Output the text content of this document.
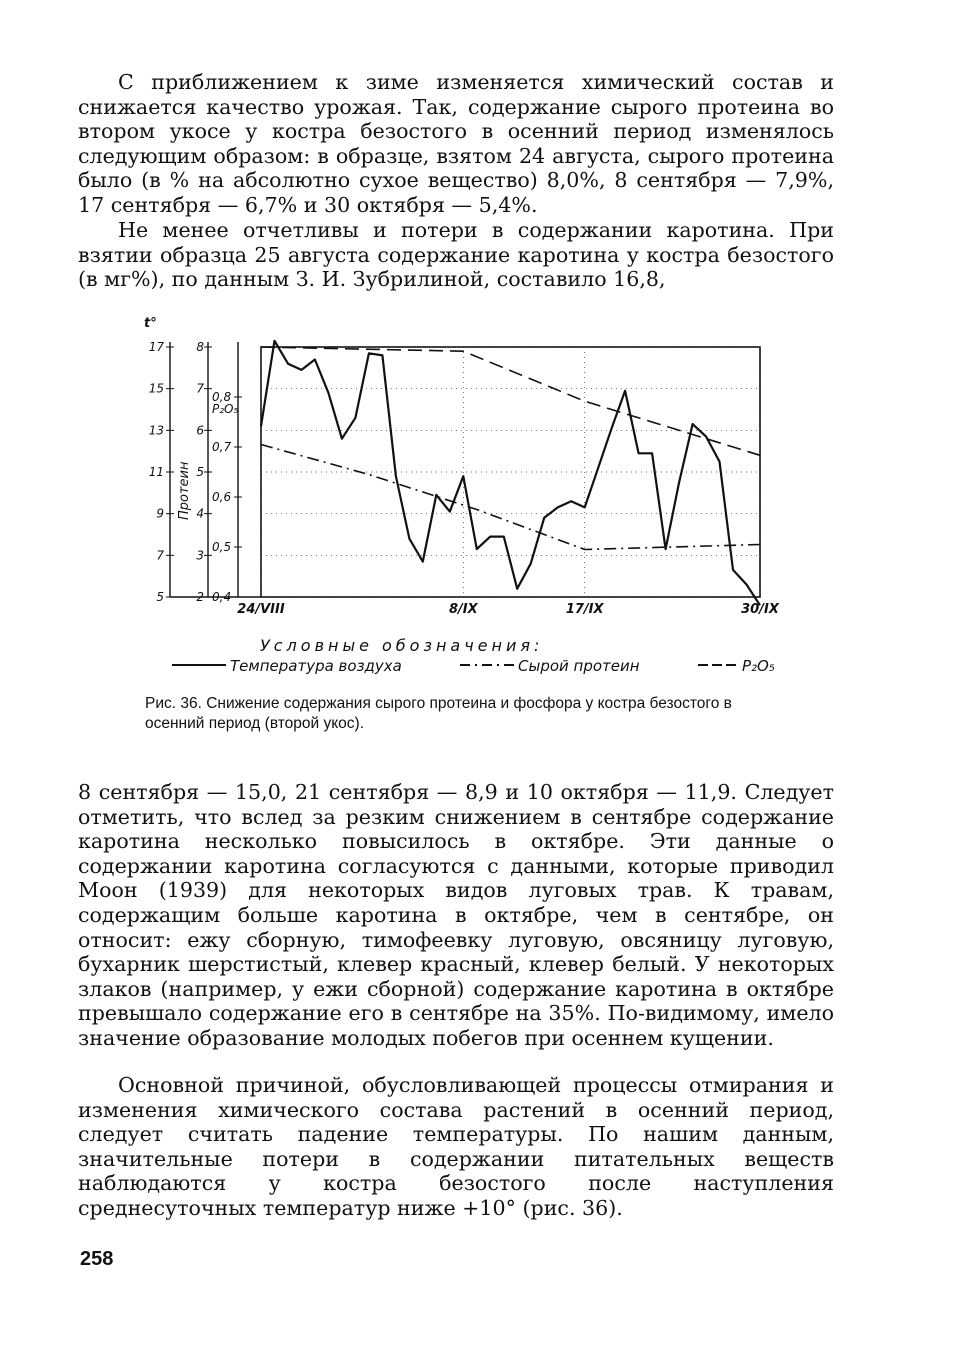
С приближением к зиме изменяется химический состав и снижается качество урожая. Так, содержание сырого протеина во втором укосе у костра безостого в осенний период изменялось следующим образом: в образце, взятом 24 августа, сырого протеина было (в % на абсолютно сухое вещество) 8,0%, 8 сентября — 7,9%, 17 сентября — 6,7% и 30 октября — 5,4%.

Не менее отчетливы и потери в содержании каротина. При взятии образца 25 августа содержание каротина у костра безостого (в мг%), по данным З. И. Зубрилиной, составило 16,8,

t°
17
15
13
11
9
7
5
8
7
6
5
4
3
2
Протеин
0,8
0,7
0,6
0,5
0,4
P₂O₅
24/VIII	8/IX	17/IX	30/IX
Условные обозначения:
Температура воздуха	Сырой протеин	P₂O₅

Рис. 36. Снижение содержания сырого протеина и фосфора у костра безостого в осенний период (второй укос).

8 сентября — 15,0, 21 сентября — 8,9 и 10 октября — 11,9. Следует отметить, что вслед за резким снижением в сентябре содержание каротина несколько повысилось в октябре. Эти данные о содержании каротина согласуются с данными, которые приводил Моон (1939) для некоторых видов луговых трав. К травам, содержащим больше каротина в октябре, чем в сентябре, он относит: ежу сборную, тимофеевку луговую, овсяницу луговую, бухарник шерстистый, клевер красный, клевер белый. У некоторых злаков (например, у ежи сборной) содержание каротина в октябре превышало содержание его в сентябре на 35%. По-видимому, имело значение образование молодых побегов при осеннем кущении.

Основной причиной, обусловливающей процессы отмирания и изменения химического состава растений в осенний период, следует считать падение температуры. По нашим данным, значительные потери в содержании питательных веществ наблюдаются у костра безостого после наступления среднесуточных температур ниже +10° (рис. 36).

258
